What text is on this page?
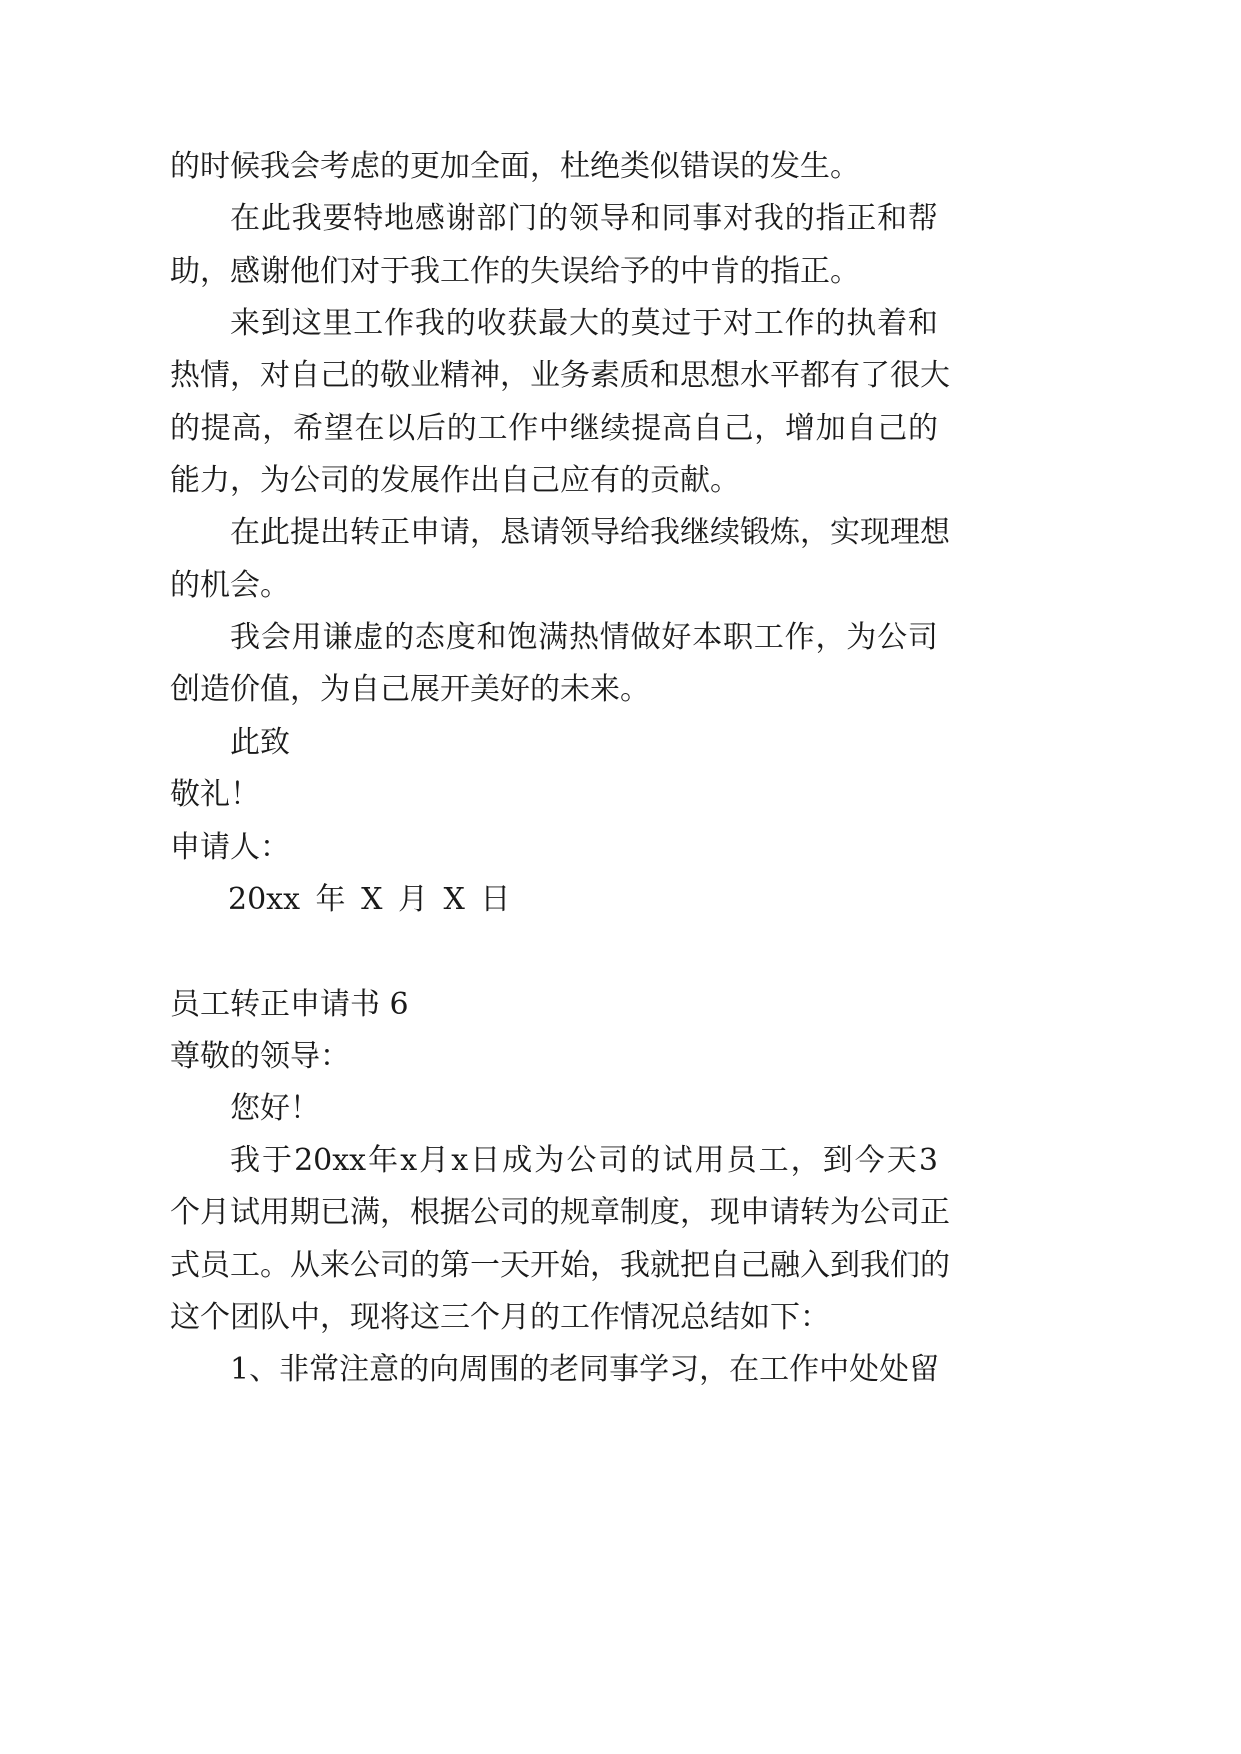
的时候我会考虑的更加全面，杜绝类似错误的发生。
在 此 我 要 特 地 感 谢 部 门 的 领 导 和 同 事 对 我 的 指 正 和 帮
助 ， 感 谢 他 们 对 于 我 工 作 的 失 误 给 予 的 中 肯 的 指 正 。
来 到 这 里 工 作 我 的 收 获 最 大 的 莫 过 于 对 工 作 的 执 着 和
热 情 ， 对 自 己 的 敬 业 精 神 ， 业 务 素 质 和 思 想 水 平 都 有 了 很 大
的 提 高 ， 希 望 在 以 后 的 工 作 中 继 续 提 高 自 己 ， 增 加 自 己 的
能力，为公司的发展作出自己应有的贡献。
在 此 提 出 转 正 申 请 ， 恳 请 领 导 给 我 继 续 锻 炼 ， 实 现 理 想
的机会。
我 会 用 谦 虚 的 态 度 和 饱 满 热 情 做 好 本 职 工 作 ， 为 公 司
创造价值，为自己展开美好的未来。
此致
敬礼！
申请人：
20xx 年 X 月 X 日
员工转正申请书 6
尊敬的领导：
您好！
我 于 20xx 年 x 月 x 日 成 为 公 司 的 试 用 员 工 ， 到 今 天 3
个 月 试 用 期 已 满 ， 根 据 公 司 的 规 章 制 度 ， 现 申 请 转 为 公 司 正
式 员 工 。 从 来 公 司 的 第 一 天 开 始 ， 我 就 把 自 己 融 入 到 我 们 的
这个团队中，现将这三个月的工作情况总结如下：
1 、 非 常 注 意 的 向 周 围 的 老 同 事 学 习 ， 在 工 作 中 处 处 留
